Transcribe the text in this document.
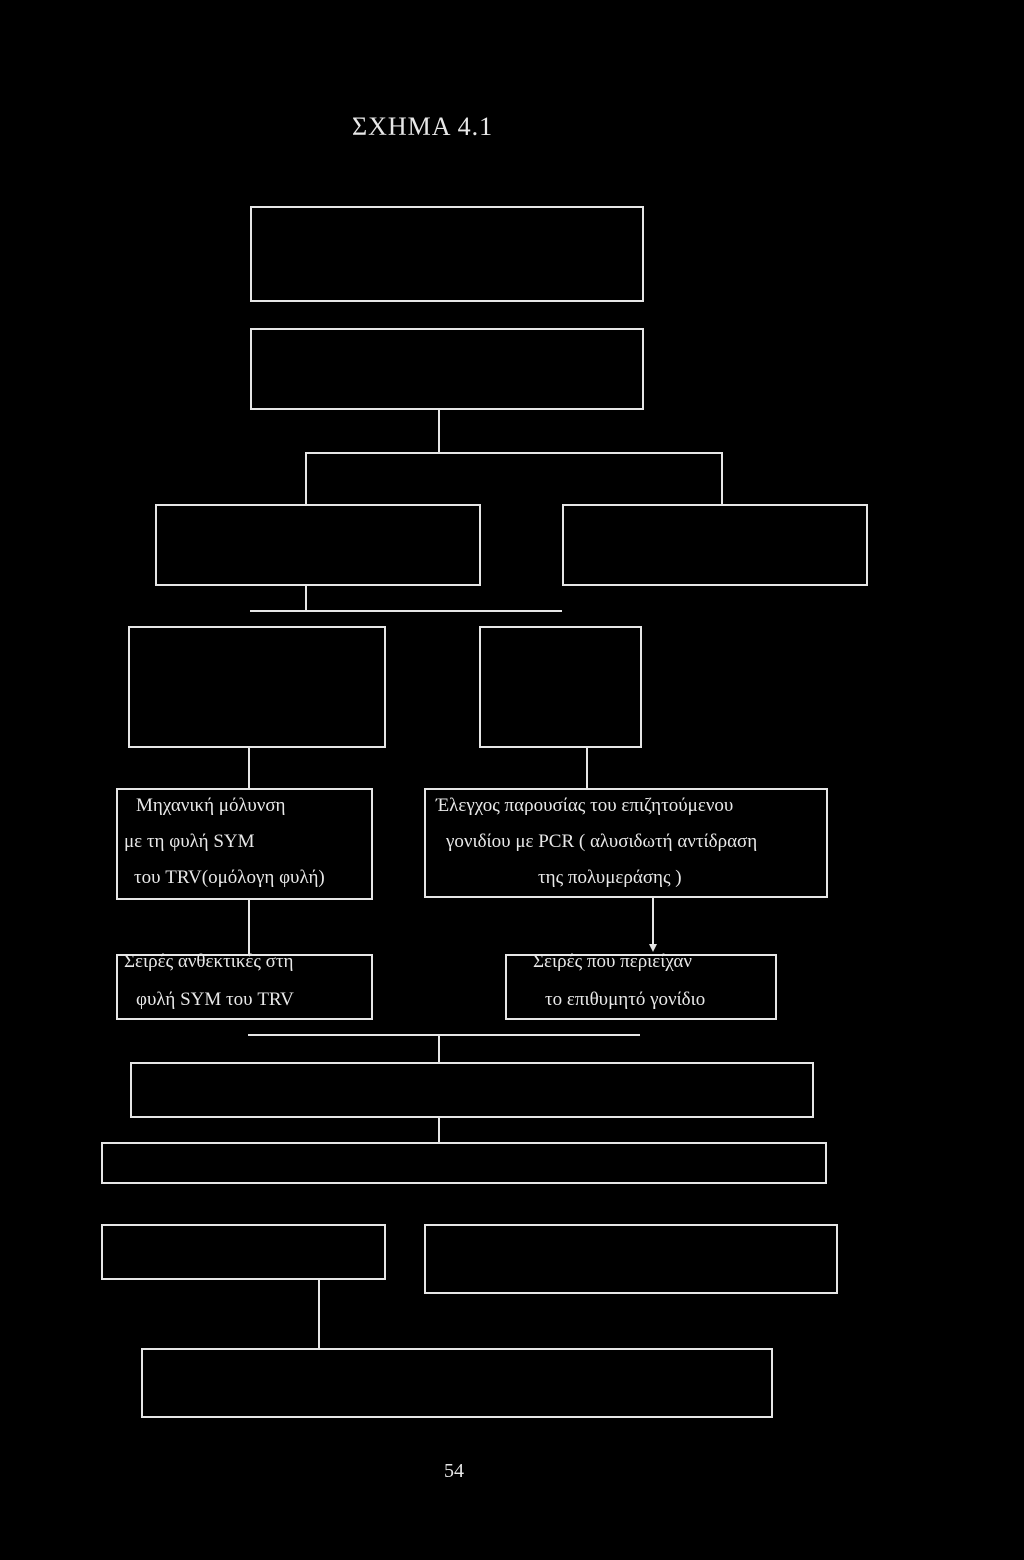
ΣΧΗΜΑ 4.1
Μηχανική μόλυνση
με τη φυλή SYM
του TRV(ομόλογη φυλή)
Έλεγχος παρουσίας του επιζητούμενου
γονιδίου με PCR ( αλυσιδωτή αντίδραση
της πολυμεράσης )
Σειρές ανθεκτικές στη
φυλή SYM του TRV
Σειρές που περιείχαν
το επιθυμητό γονίδιο
54
